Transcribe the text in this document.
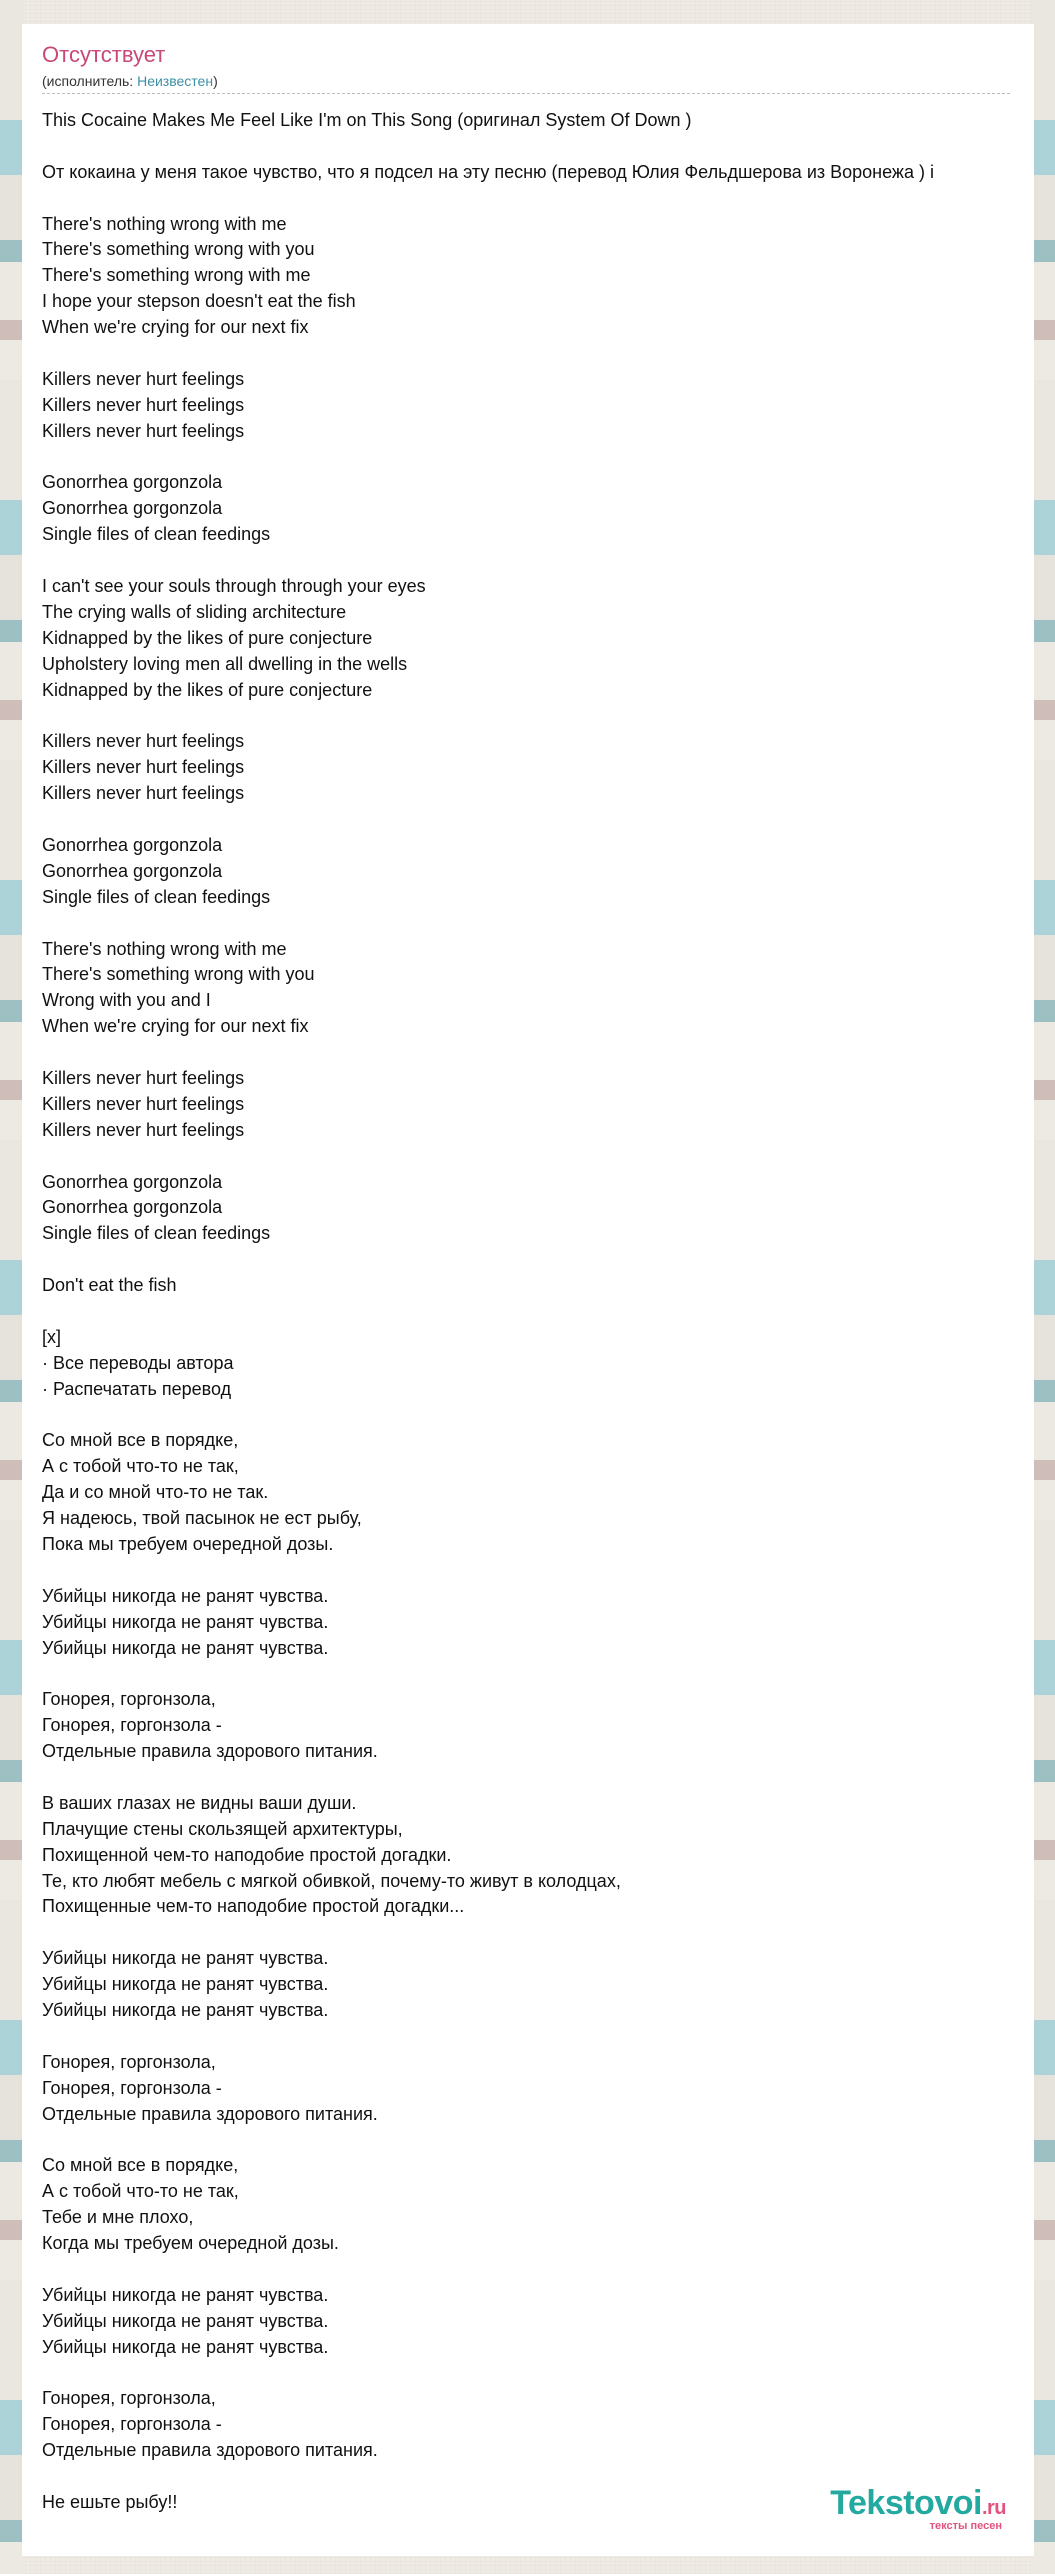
Отсутствует
(исполнитель: Неизвестен)
This Cocaine Makes Me Feel Like I'm on This Song (оригинал System Of Down )
От кокаина у меня такое чувство, что я подсел на эту песню (перевод Юлия Фельдшерова из Воронежа ) i
There's nothing wrong with me
There's something wrong with you
There's something wrong with me
I hope your stepson doesn't eat the fish
When we're crying for our next fix
Killers never hurt feelings
Killers never hurt feelings
Killers never hurt feelings
Gonorrhea gorgonzola
Gonorrhea gorgonzola
Single files of clean feedings
I can't see your souls through through your eyes
The crying walls of sliding architecture
Kidnapped by the likes of pure conjecture
Upholstery loving men all dwelling in the wells
Kidnapped by the likes of pure conjecture
Killers never hurt feelings
Killers never hurt feelings
Killers never hurt feelings
Gonorrhea gorgonzola
Gonorrhea gorgonzola
Single files of clean feedings
There's nothing wrong with me
There's something wrong with you
Wrong with you and I
When we're crying for our next fix
Killers never hurt feelings
Killers never hurt feelings
Killers never hurt feelings
Gonorrhea gorgonzola
Gonorrhea gorgonzola
Single files of clean feedings
Don't eat the fish
[x]
· Все переводы автора
· Распечатать перевод
Со мной все в порядке,
А с тобой что-то не так,
Да и со мной что-то не так.
Я надеюсь, твой пасынок не ест рыбу,
Пока мы требуем очередной дозы.
Убийцы никогда не ранят чувства.
Убийцы никогда не ранят чувства.
Убийцы никогда не ранят чувства.
Гонорея, горгонзола,
Гонорея, горгонзола -
Отдельные правила здорового питания.
В ваших глазах не видны ваши души.
Плачущие стены скользящей архитектуры,
Похищенной чем-то наподобие простой догадки.
Те, кто любят мебель с мягкой обивкой, почему-то живут в колодцах,
Похищенные чем-то наподобие простой догадки...
Убийцы никогда не ранят чувства.
Убийцы никогда не ранят чувства.
Убийцы никогда не ранят чувства.
Гонорея, горгонзола,
Гонорея, горгонзола -
Отдельные правила здорового питания.
Со мной все в порядке,
А с тобой что-то не так,
Тебе и мне плохо,
Когда мы требуем очередной дозы.
Убийцы никогда не ранят чувства.
Убийцы никогда не ранят чувства.
Убийцы никогда не ранят чувства.
Гонорея, горгонзола,
Гонорея, горгонзола -
Отдельные правила здорового питания.
Не ешьте рыбу!!	Tekstovoi.ru
тексты песен
